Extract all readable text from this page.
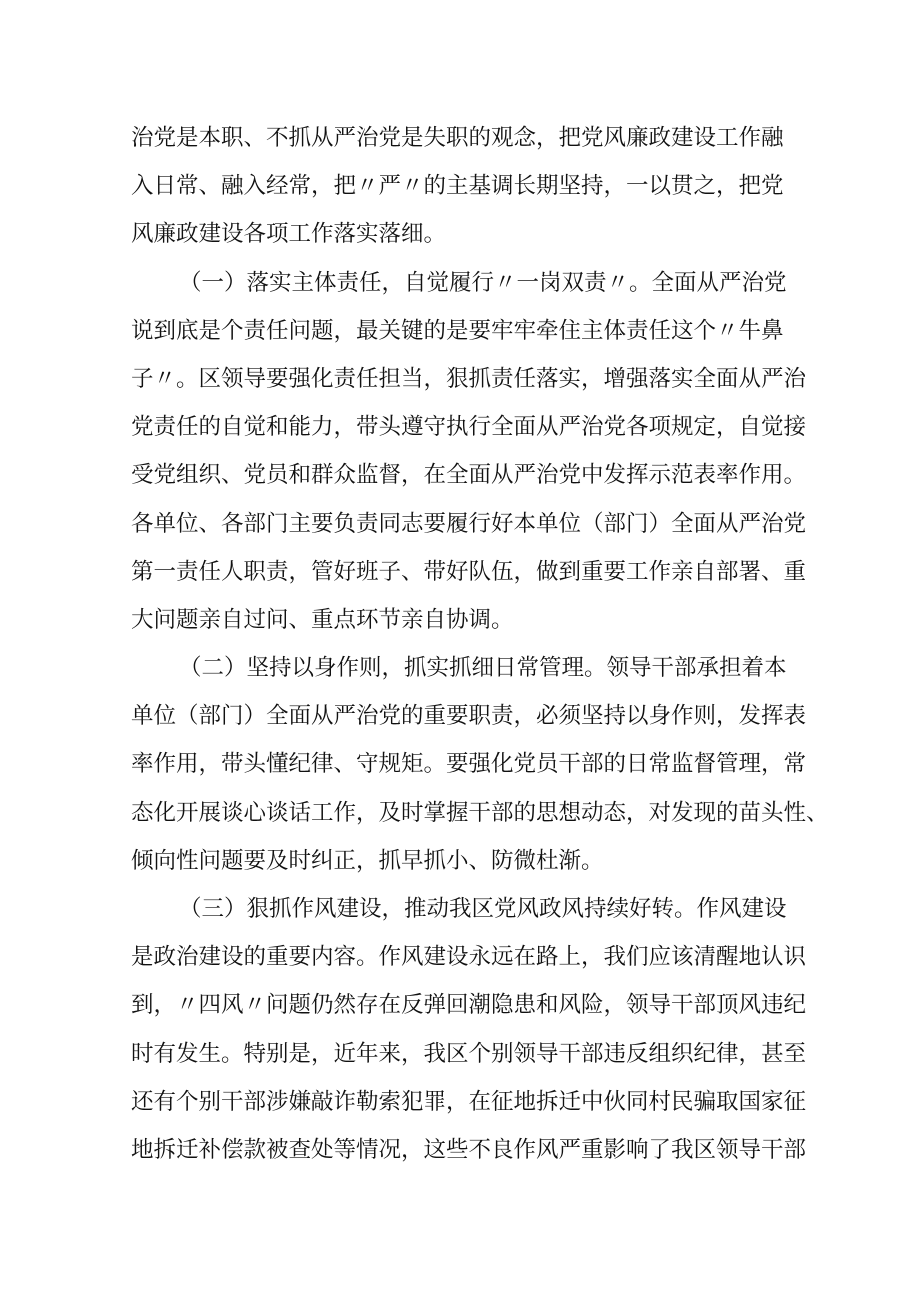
治党是本职、不抓从严治党是失职的观念，把党风廉政建设工作融
入日常、融入经常，把〃严〃的主基调长期坚持，一以贯之，把党
风廉政建设各项工作落实落细。
（一）落实主体责任，自觉履行〃一岗双责〃。全面从严治党
说到底是个责任问题，最关键的是要牢牢牵住主体责任这个〃牛鼻
子〃。区领导要强化责任担当，狠抓责任落实，增强落实全面从严治
党责任的自觉和能力，带头遵守执行全面从严治党各项规定，自觉接
受党组织、党员和群众监督，在全面从严治党中发挥示范表率作用。
各单位、各部门主要负责同志要履行好本单位（部门）全面从严治党
第一责任人职责，管好班子、带好队伍，做到重要工作亲自部署、重
大问题亲自过问、重点环节亲自协调。
（二）坚持以身作则，抓实抓细日常管理。领导干部承担着本
单位（部门）全面从严治党的重要职责，必须坚持以身作则，发挥表
率作用，带头懂纪律、守规矩。要强化党员干部的日常监督管理，常
态化开展谈心谈话工作，及时掌握干部的思想动态，对发现的苗头性、
倾向性问题要及时纠正，抓早抓小、防微杜渐。
（三）狠抓作风建设，推动我区党风政风持续好转。作风建设
是政治建设的重要内容。作风建设永远在路上，我们应该清醒地认识
到，〃四风〃问题仍然存在反弹回潮隐患和风险，领导干部顶风违纪
时有发生。特别是，近年来，我区个别领导干部违反组织纪律，甚至
还有个别干部涉嫌敲诈勒索犯罪，在征地拆迁中伙同村民骗取国家征
地拆迁补偿款被查处等情况，这些不良作风严重影响了我区领导干部
